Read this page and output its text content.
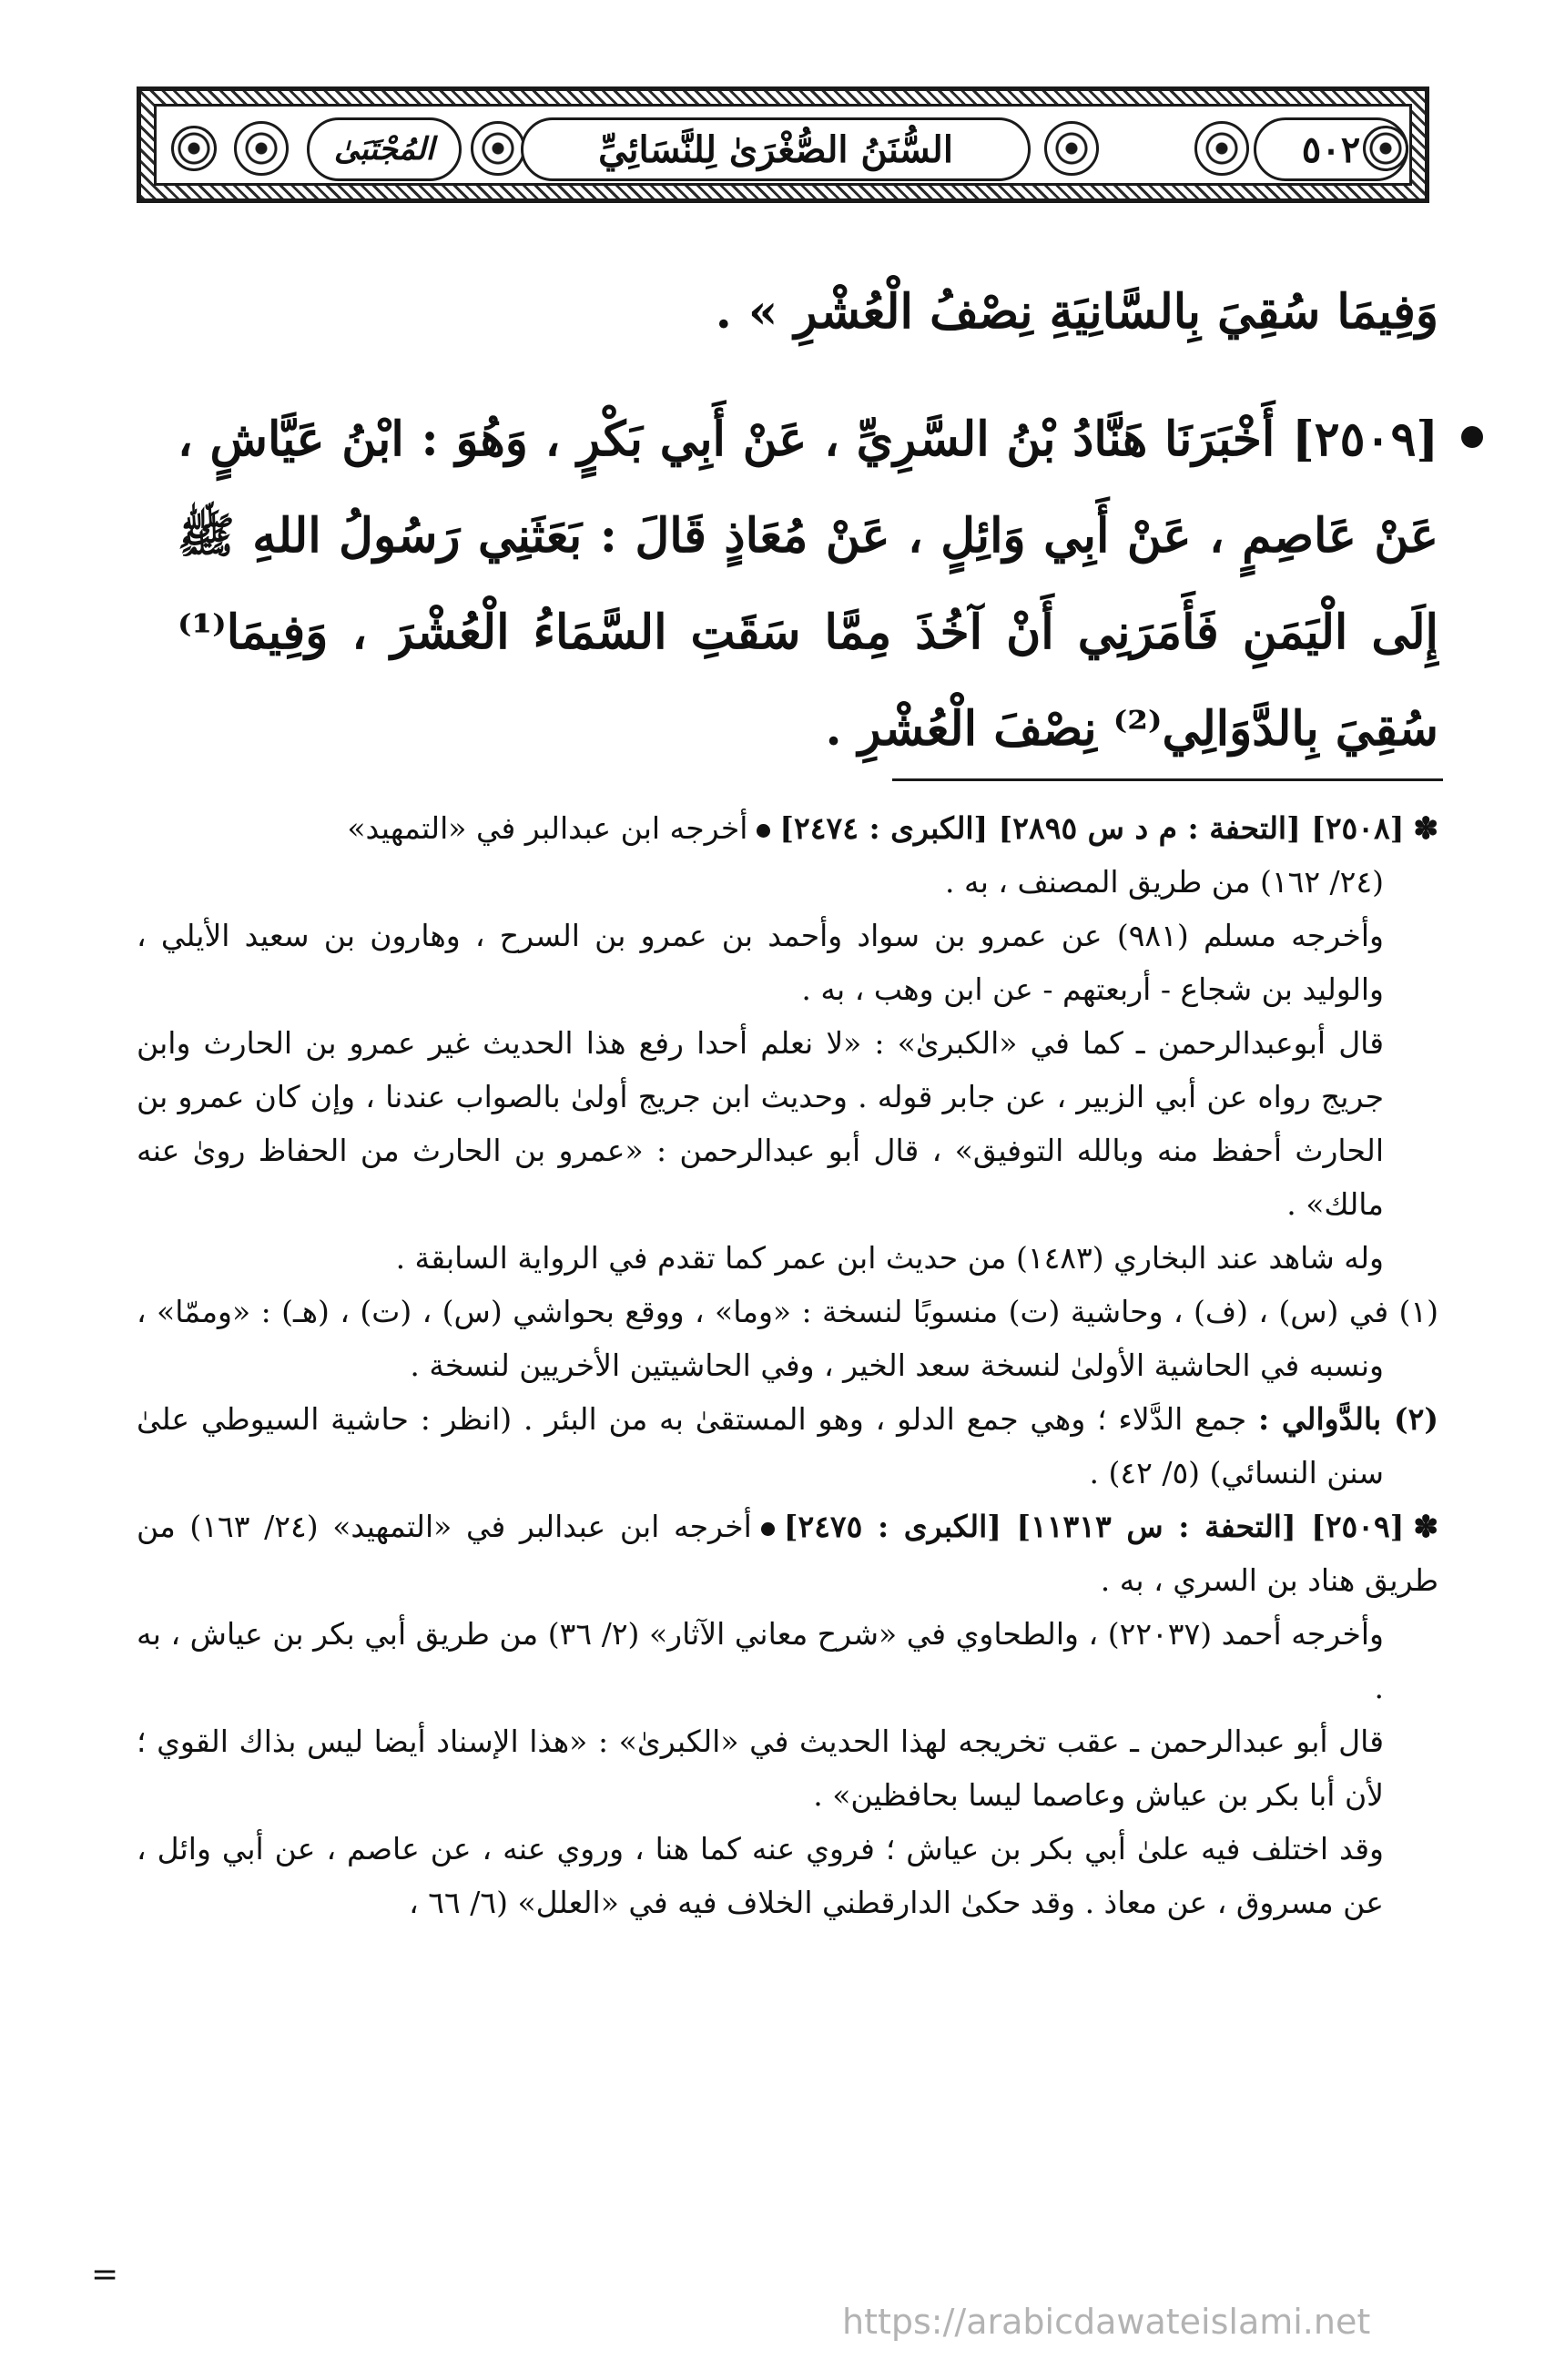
المُجْتَبَىٰ	السُّنَنُ الصُّغْرَىٰ لِلنَّسَائِيِّ	٥٠٢

وَفِيمَا سُقِيَ بِالسَّانِيَةِ نِصْفُ الْعُشْرِ » .

[٢٥٠٩] أَخْبَرَنَا هَنَّادُ بْنُ السَّرِيِّ ، عَنْ أَبِي بَكْرٍ ، وَهُوَ : ابْنُ عَيَّاشٍ ، عَنْ عَاصِمٍ ، عَنْ أَبِي وَائِلٍ ، عَنْ مُعَاذٍ قَالَ : بَعَثَنِي رَسُولُ اللهِ ﷺ إِلَى الْيَمَنِ فَأَمَرَنِي أَنْ آخُذَ مِمَّا سَقَتِ السَّمَاءُ الْعُشْرَ ، وَفِيمَا⁽¹⁾ سُقِيَ بِالدَّوَالِي⁽²⁾ نِصْفَ الْعُشْرِ .

✽[٢٥٠٨] [التحفة : م د س ٢٨٩٥] [الكبرى : ٢٤٧٤]أخرجه ابن عبدالبر في «التمهيد»

(٢٤/ ١٦٢) من طريق المصنف ، به .

وأخرجه مسلم (٩٨١) عن عمرو بن سواد وأحمد بن عمرو بن السرح ، وهارون بن سعيد الأيلي ، والوليد بن شجاع - أربعتهم - عن ابن وهب ، به .

قال أبوعبدالرحمن ـ كما في «الكبرىٰ» : «لا نعلم أحدا رفع هذا الحديث غير عمرو بن الحارث وابن جريج رواه عن أبي الزبير ، عن جابر قوله . وحديث ابن جريج أولىٰ بالصواب عندنا ، وإن كان عمرو بن الحارث أحفظ منه وبالله التوفيق» ، قال أبو عبدالرحمن : «عمرو بن الحارث من الحفاظ روىٰ عنه مالك» .

وله شاهد عند البخاري (١٤٨٣) من حديث ابن عمر كما تقدم في الرواية السابقة .

(١) في (س) ، (ف) ، وحاشية (ت) منسوبًا لنسخة : «وما» ، ووقع بحواشي (س) ، (ت) ، (هـ) : «وممّا» ، ونسبه في الحاشية الأولىٰ لنسخة سعد الخير ، وفي الحاشيتين الأخريين لنسخة .

(٢) بالدَّوالي : جمع الدَّلاء ؛ وهي جمع الدلو ، وهو المستقىٰ به من البئر . (انظر : حاشية السيوطي علىٰ سنن النسائي) (٥/ ٤٢) .

✽[٢٥٠٩] [التحفة : س ١١٣١٣] [الكبرى : ٢٤٧٥]أخرجه ابن عبدالبر في «التمهيد» (٢٤/ ١٦٣) من طريق هناد بن السري ، به .

وأخرجه أحمد (٢٢٠٣٧) ، والطحاوي في «شرح معاني الآثار» (٢/ ٣٦) من طريق أبي بكر بن عياش ، به .

قال أبو عبدالرحمن ـ عقب تخريجه لهذا الحديث في «الكبرىٰ» : «هذا الإسناد أيضا ليس بذاك القوي ؛ لأن أبا بكر بن عياش وعاصما ليسا بحافظين» .

وقد اختلف فيه علىٰ أبي بكر بن عياش ؛ فروي عنه كما هنا ، وروي عنه ، عن عاصم ، عن أبي وائل ، عن مسروق ، عن معاذ . وقد حكىٰ الدارقطني الخلاف فيه في «العلل» (٦/ ٦٦ ،

=

https://arabicdawateislami.net
